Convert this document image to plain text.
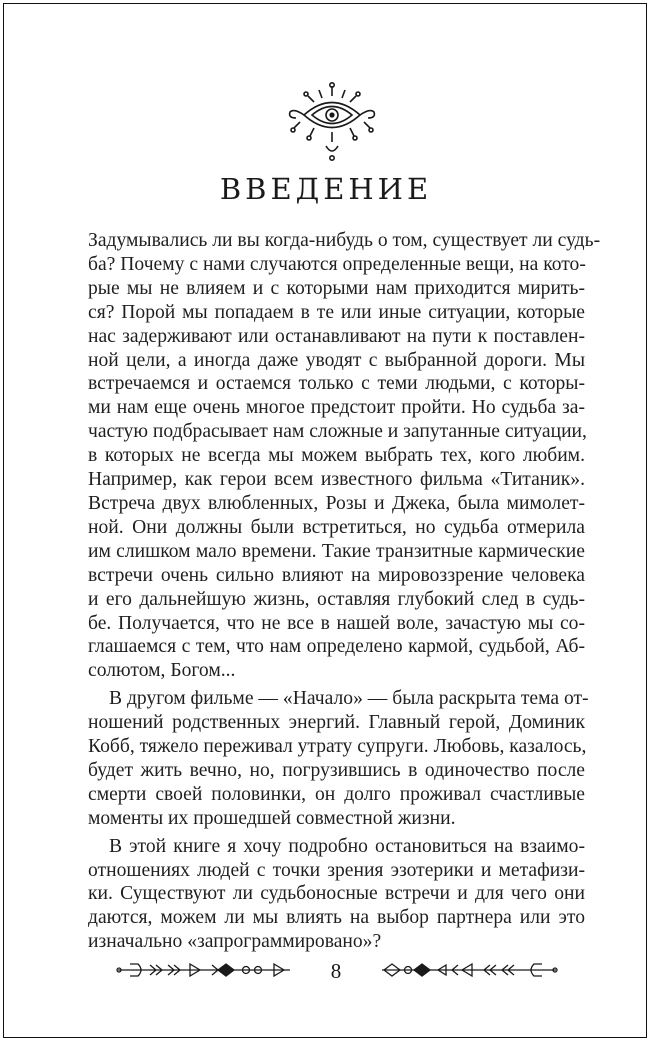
ВВЕДЕНИЕ

Задумывались ли вы когда-нибудь о том, существует ли судь-
ба? Почему с нами случаются определенные вещи, на кото-
рые мы не влияем и с которыми нам приходится мирить-
ся? Порой мы попадаем в те или иные ситуации, которые
нас задерживают или останавливают на пути к поставлен-
ной цели, а иногда даже уводят с выбранной дороги. Мы
встречаемся и остаемся только с теми людьми, с которы-
ми нам еще очень многое предстоит пройти. Но судьба за-
частую подбрасывает нам сложные и запутанные ситуации,
в которых не всегда мы можем выбрать тех, кого любим.
Например, как герои всем известного фильма «Титаник».
Встреча двух влюбленных, Розы и Джека, была мимолет-
ной. Они должны были встретиться, но судьба отмерила
им слишком мало времени. Такие транзитные кармические
встречи очень сильно влияют на мировоззрение человека
и его дальнейшую жизнь, оставляя глубокий след в судь-
бе. Получается, что не все в нашей воле, зачастую мы со-
глашаемся с тем, что нам определено кармой, судьбой, Аб-
солютом, Богом...

В другом фильме — «Начало» — была раскрыта тема от-
ношений родственных энергий. Главный герой, Доминик
Кобб, тяжело переживал утрату супруги. Любовь, казалось,
будет жить вечно, но, погрузившись в одиночество после
смерти своей половинки, он долго проживал счастливые
моменты их прошедшей совместной жизни.

В этой книге я хочу подробно остановиться на взаимо-
отношениях людей с точки зрения эзотерики и метафизи-
ки. Существуют ли судьбоносные встречи и для чего они
даются, можем ли мы влиять на выбор партнера или это
изначально «запрограммировано»?

8
